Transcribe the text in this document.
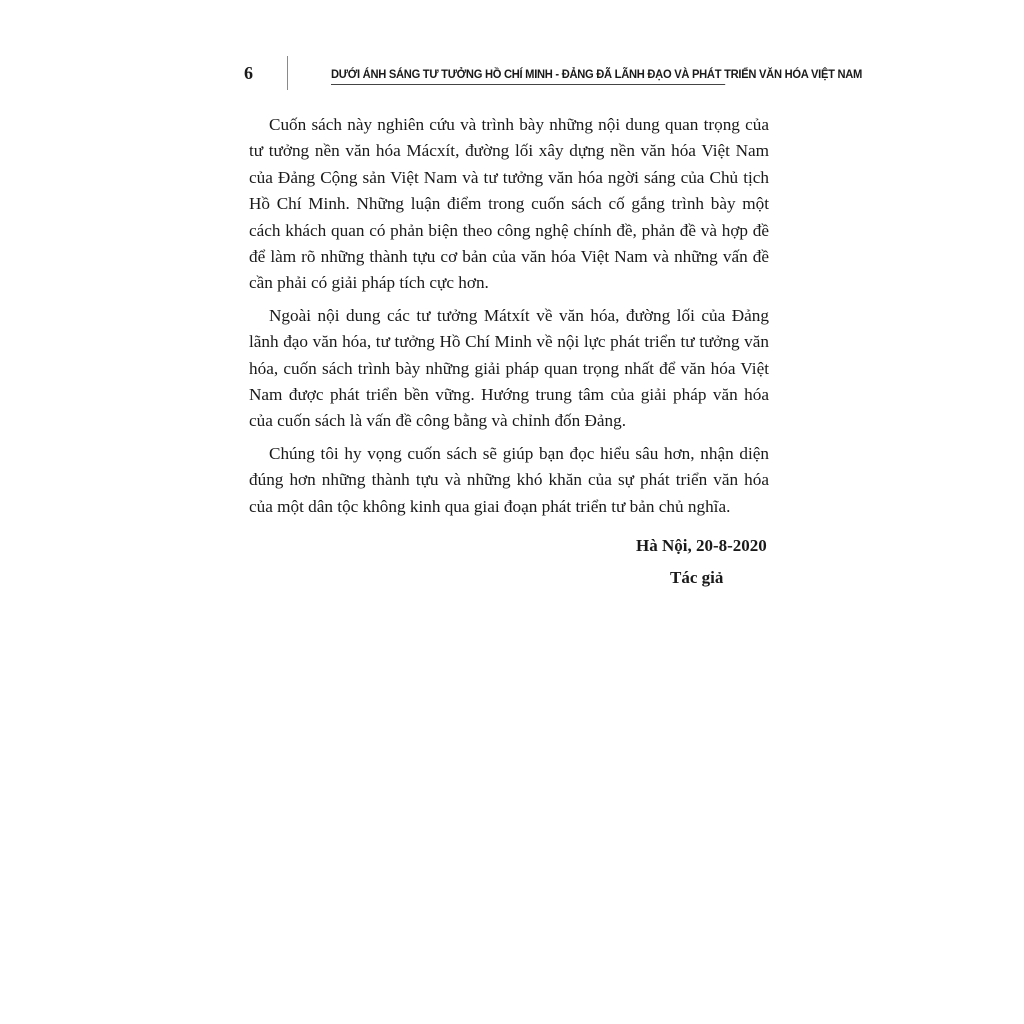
6	DƯỚI ÁNH SÁNG TƯ TƯỞNG HỒ CHÍ MINH - ĐẢNG ĐÃ LÃNH ĐẠO VÀ PHÁT TRIỂN VĂN HÓA VIỆT NAM

Cuốn sách này nghiên cứu và trình bày những nội dung quan trọng của tư tưởng nền văn hóa Mácxít, đường lối xây dựng nền văn hóa Việt Nam của Đảng Cộng sản Việt Nam và tư tưởng văn hóa ngời sáng của Chủ tịch Hồ Chí Minh. Những luận điểm trong cuốn sách cố gắng trình bày một cách khách quan có phản biện theo công nghệ chính đề, phản đề và hợp đề để làm rõ những thành tựu cơ bản của văn hóa Việt Nam và những vấn đề cần phải có giải pháp tích cực hơn.

Ngoài nội dung các tư tưởng Mátxít về văn hóa, đường lối của Đảng lãnh đạo văn hóa, tư tưởng Hồ Chí Minh về nội lực phát triển tư tưởng văn hóa, cuốn sách trình bày những giải pháp quan trọng nhất để văn hóa Việt Nam được phát triển bền vững. Hướng trung tâm của giải pháp văn hóa của cuốn sách là vấn đề công bằng và chỉnh đốn Đảng.

Chúng tôi hy vọng cuốn sách sẽ giúp bạn đọc hiểu sâu hơn, nhận diện đúng hơn những thành tựu và những khó khăn của sự phát triển văn hóa của một dân tộc không kinh qua giai đoạn phát triển tư bản chủ nghĩa.

Hà Nội, 20-8-2020
Tác giả
